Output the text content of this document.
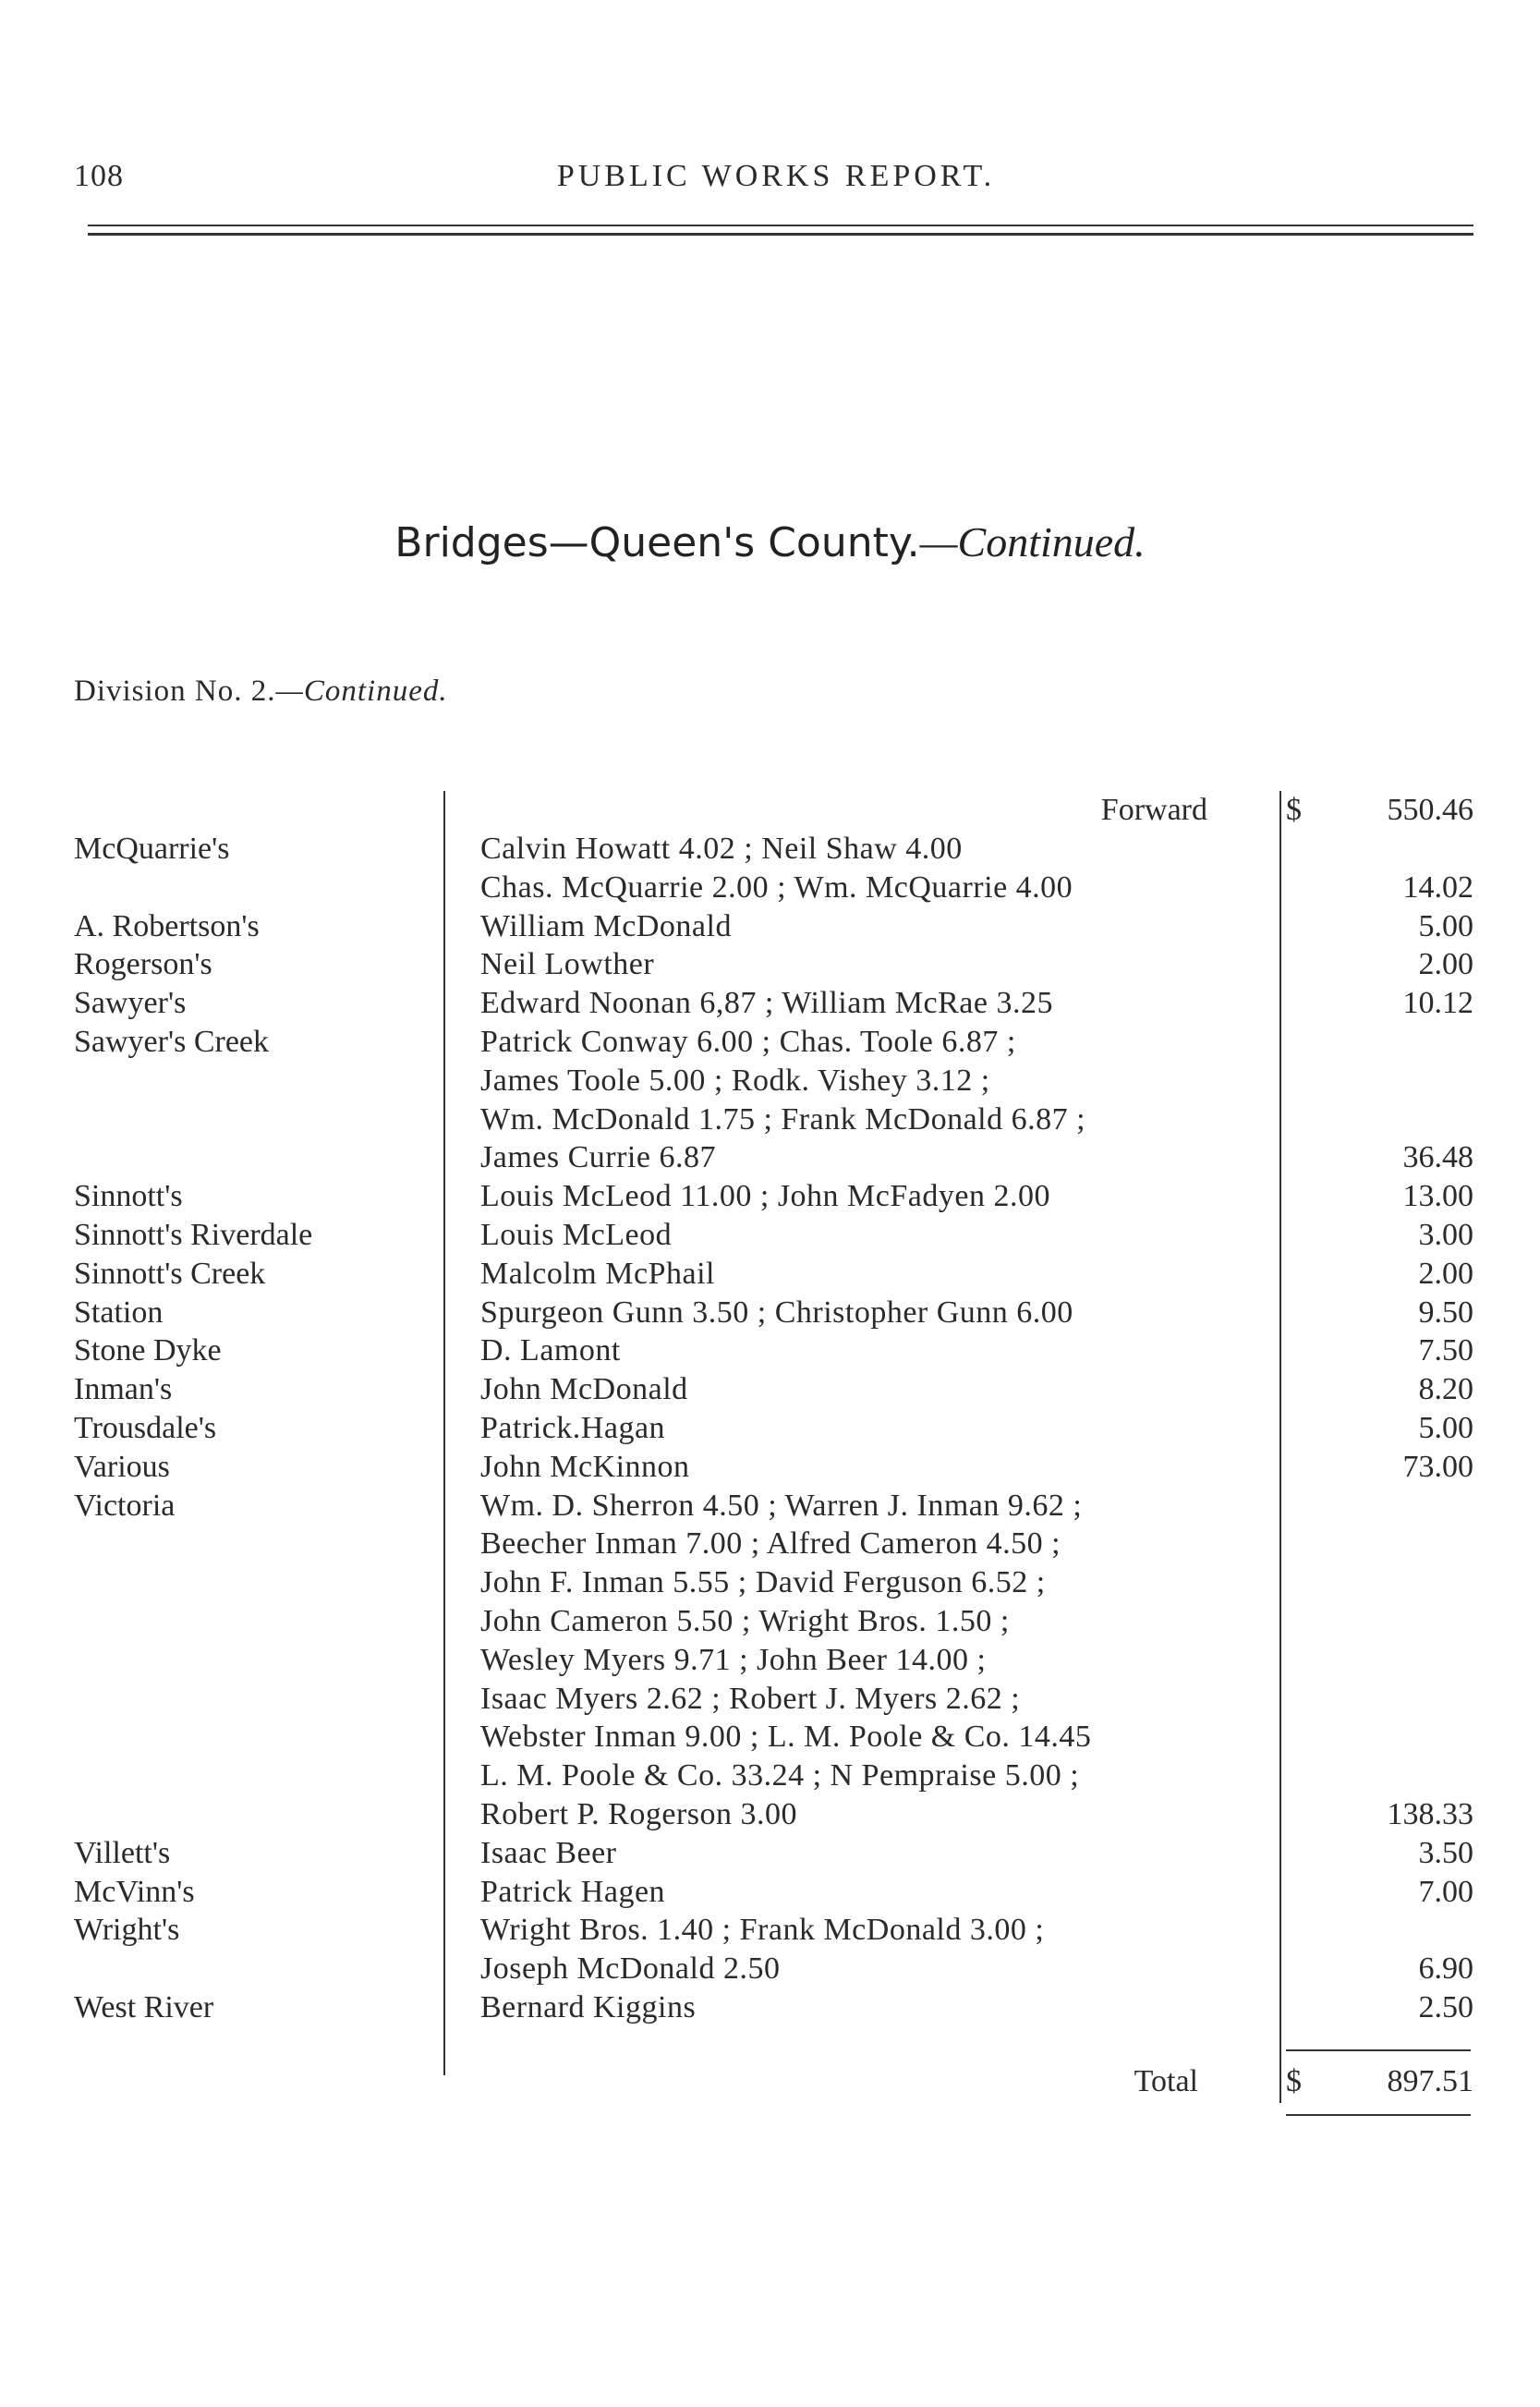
108	PUBLIC WORKS REPORT.
Bridges—Queen's County.—Continued.
Division No. 2.—Continued.
Forward	$	550.46
McQuarrie's	Calvin Howatt 4.02 ; Neil Shaw 4.00
Chas. McQuarrie 2.00 ; Wm. McQuarrie 4.00	14.02
A. Robertson's	William McDonald	5.00
Rogerson's	Neil Lowther	2.00
Sawyer's	Edward Noonan 6,87 ; William McRae 3.25	10.12
Sawyer's Creek	Patrick Conway 6.00 ; Chas. Toole 6.87 ;
James Toole 5.00 ; Rodk. Vishey 3.12 ;
Wm. McDonald 1.75 ; Frank McDonald 6.87 ;
James Currie 6.87	36.48
Sinnott's	Louis McLeod 11.00 ; John McFadyen 2.00	13.00
Sinnott's Riverdale	Louis McLeod	3.00
Sinnott's Creek	Malcolm McPhail	2.00
Station	Spurgeon Gunn 3.50 ; Christopher Gunn 6.00	9.50
Stone Dyke	D. Lamont	7.50
Inman's	John McDonald	8.20
Trousdale's	Patrick.Hagan	5.00
Various	John McKinnon	73.00
Victoria	Wm. D. Sherron 4.50 ; Warren J. Inman 9.62 ;
Beecher Inman 7.00 ; Alfred Cameron 4.50 ;
John F. Inman 5.55 ; David Ferguson 6.52 ;
John Cameron 5.50 ; Wright Bros. 1.50 ;
Wesley Myers 9.71 ; John Beer 14.00 ;
Isaac Myers 2.62 ; Robert J. Myers 2.62 ;
Webster Inman 9.00 ; L. M. Poole & Co. 14.45
L. M. Poole & Co. 33.24 ; N Pempraise 5.00 ;
Robert P. Rogerson 3.00	138.33
Villett's	Isaac Beer	3.50
McVinn's	Patrick Hagen	7.00
Wright's	Wright Bros. 1.40 ; Frank McDonald 3.00 ;
Joseph McDonald 2.50	6.90
West River	Bernard Kiggins	2.50
Total	$	897.51
